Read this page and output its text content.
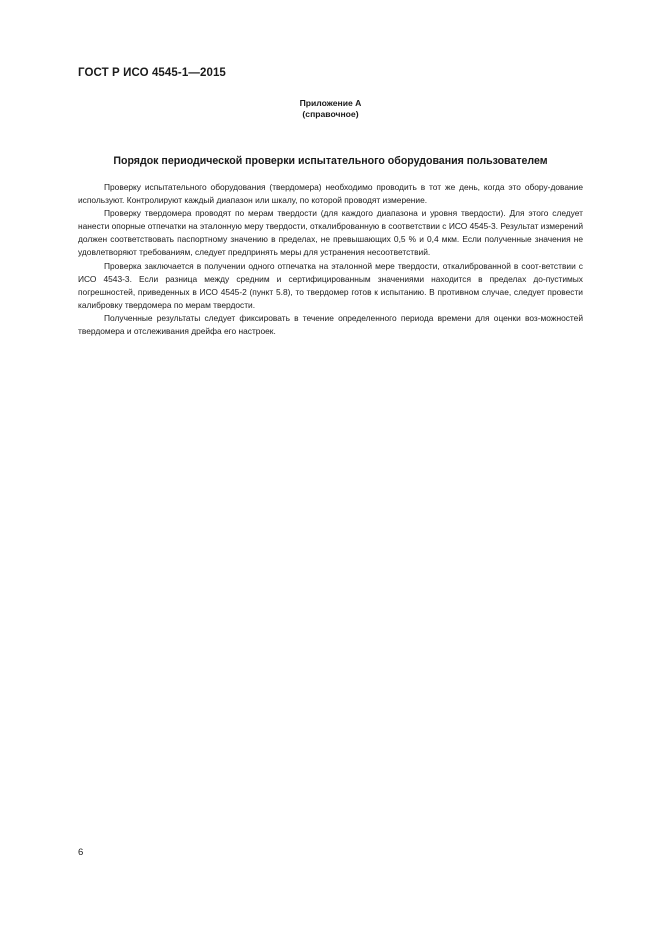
ГОСТ Р ИСО 4545-1—2015
Приложение А
(справочное)
Порядок периодической проверки испытательного оборудования пользователем

Проверку испытательного оборудования (твердомера) необходимо проводить в тот же день, когда это обору-дование используют. Контролируют каждый диапазон или шкалу, по которой проводят измерение.

Проверку твердомера проводят по мерам твердости (для каждого диапазона и уровня твердости). Для этого следует нанести опорные отпечатки на эталонную меру твердости, откалиброванную в соответствии с ИСО 4545-3. Результат измерений должен соответствовать паспортному значению в пределах, не превышающих 0,5 % и 0,4 мкм. Если полученные значения не удовлетворяют требованиям, следует предпринять меры для устранения несоответствий.

Проверка заключается в получении одного отпечатка на эталонной мере твердости, откалиброванной в соот-ветствии с ИСО 4543-3. Если разница между средним и сертифицированным значениями находится в пределах до-пустимых погрешностей, приведенных в ИСО 4545-2 (пункт 5.8), то твердомер готов к испытанию. В противном случае, следует провести калибровку твердомера по мерам твердости.

Полученные результаты следует фиксировать в течение определенного периода времени для оценки воз-можностей твердомера и отслеживания дрейфа его настроек.

6
